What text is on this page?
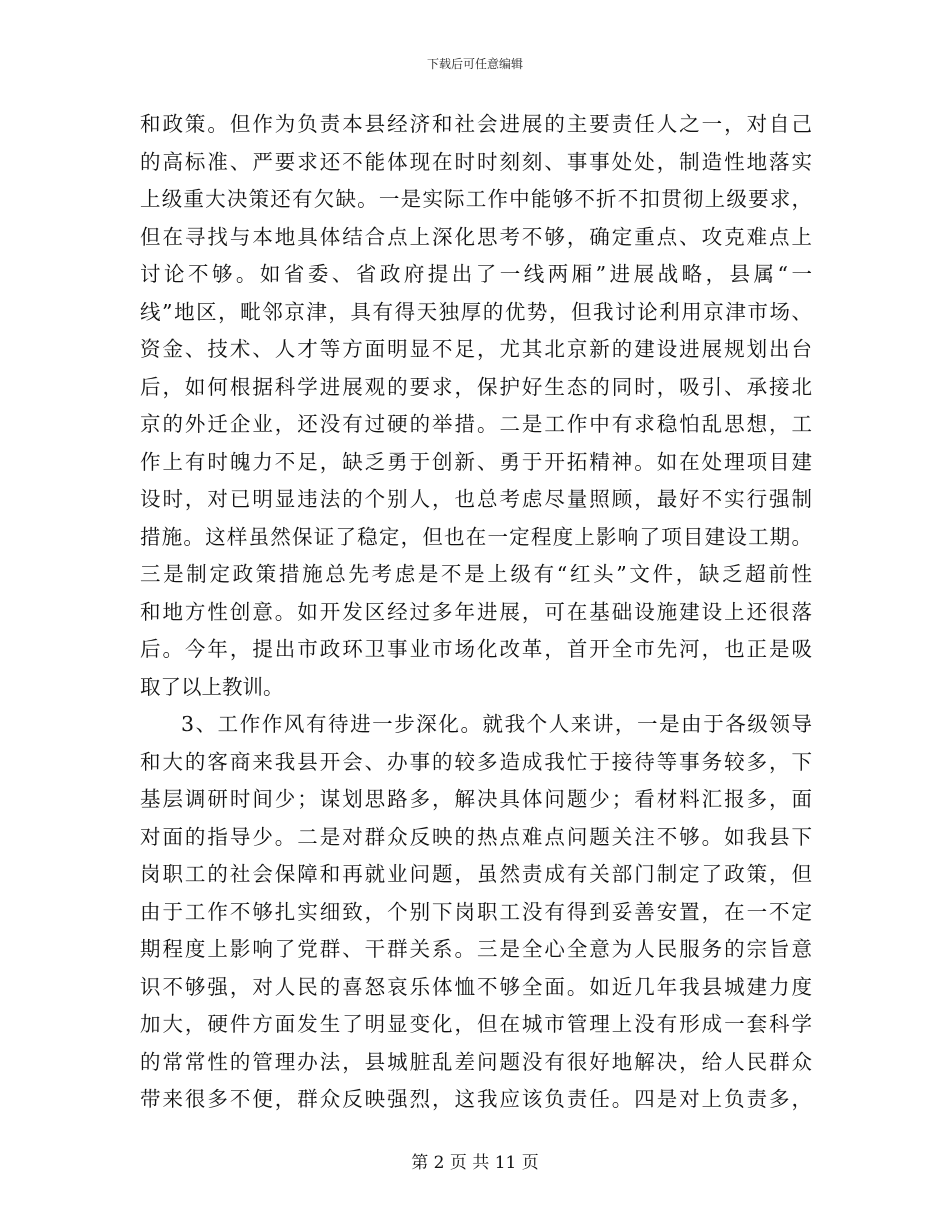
下载后可任意编辑
和政策。但作为负责本县经济和社会进展的主要责任人之一，对自己
的高标准、严要求还不能体现在时时刻刻、事事处处，制造性地落实
上级重大决策还有欠缺。一是实际工作中能够不折不扣贯彻上级要求，
但在寻找与本地具体结合点上深化思考不够，确定重点、攻克难点上
讨论不够。如省委、省政府提出了一线两厢”进展战略，县属“一
线”地区，毗邻京津，具有得天独厚的优势，但我讨论利用京津市场、
资金、技术、人才等方面明显不足，尤其北京新的建设进展规划出台
后，如何根据科学进展观的要求，保护好生态的同时，吸引、承接北
京的外迁企业，还没有过硬的举措。二是工作中有求稳怕乱思想，工
作上有时魄力不足，缺乏勇于创新、勇于开拓精神。如在处理项目建
设时，对已明显违法的个别人，也总考虑尽量照顾，最好不实行强制
措施。这样虽然保证了稳定，但也在一定程度上影响了项目建设工期。
三是制定政策措施总先考虑是不是上级有“红头”文件，缺乏超前性
和地方性创意。如开发区经过多年进展，可在基础设施建设上还很落
后。今年，提出市政环卫事业市场化改革，首开全市先河，也正是吸
取了以上教训。
3、工作作风有待进一步深化。就我个人来讲，一是由于各级领导
和大的客商来我县开会、办事的较多造成我忙于接待等事务较多，下
基层调研时间少；谋划思路多，解决具体问题少；看材料汇报多，面
对面的指导少。二是对群众反映的热点难点问题关注不够。如我县下
岗职工的社会保障和再就业问题，虽然责成有关部门制定了政策，但
由于工作不够扎实细致，个别下岗职工没有得到妥善安置，在一不定
期程度上影响了党群、干群关系。三是全心全意为人民服务的宗旨意
识不够强，对人民的喜怒哀乐体恤不够全面。如近几年我县城建力度
加大，硬件方面发生了明显变化，但在城市管理上没有形成一套科学
的常常性的管理办法，县城脏乱差问题没有很好地解决，给人民群众
带来很多不便，群众反映强烈，这我应该负责任。四是对上负责多，
第 2 页 共 11 页
